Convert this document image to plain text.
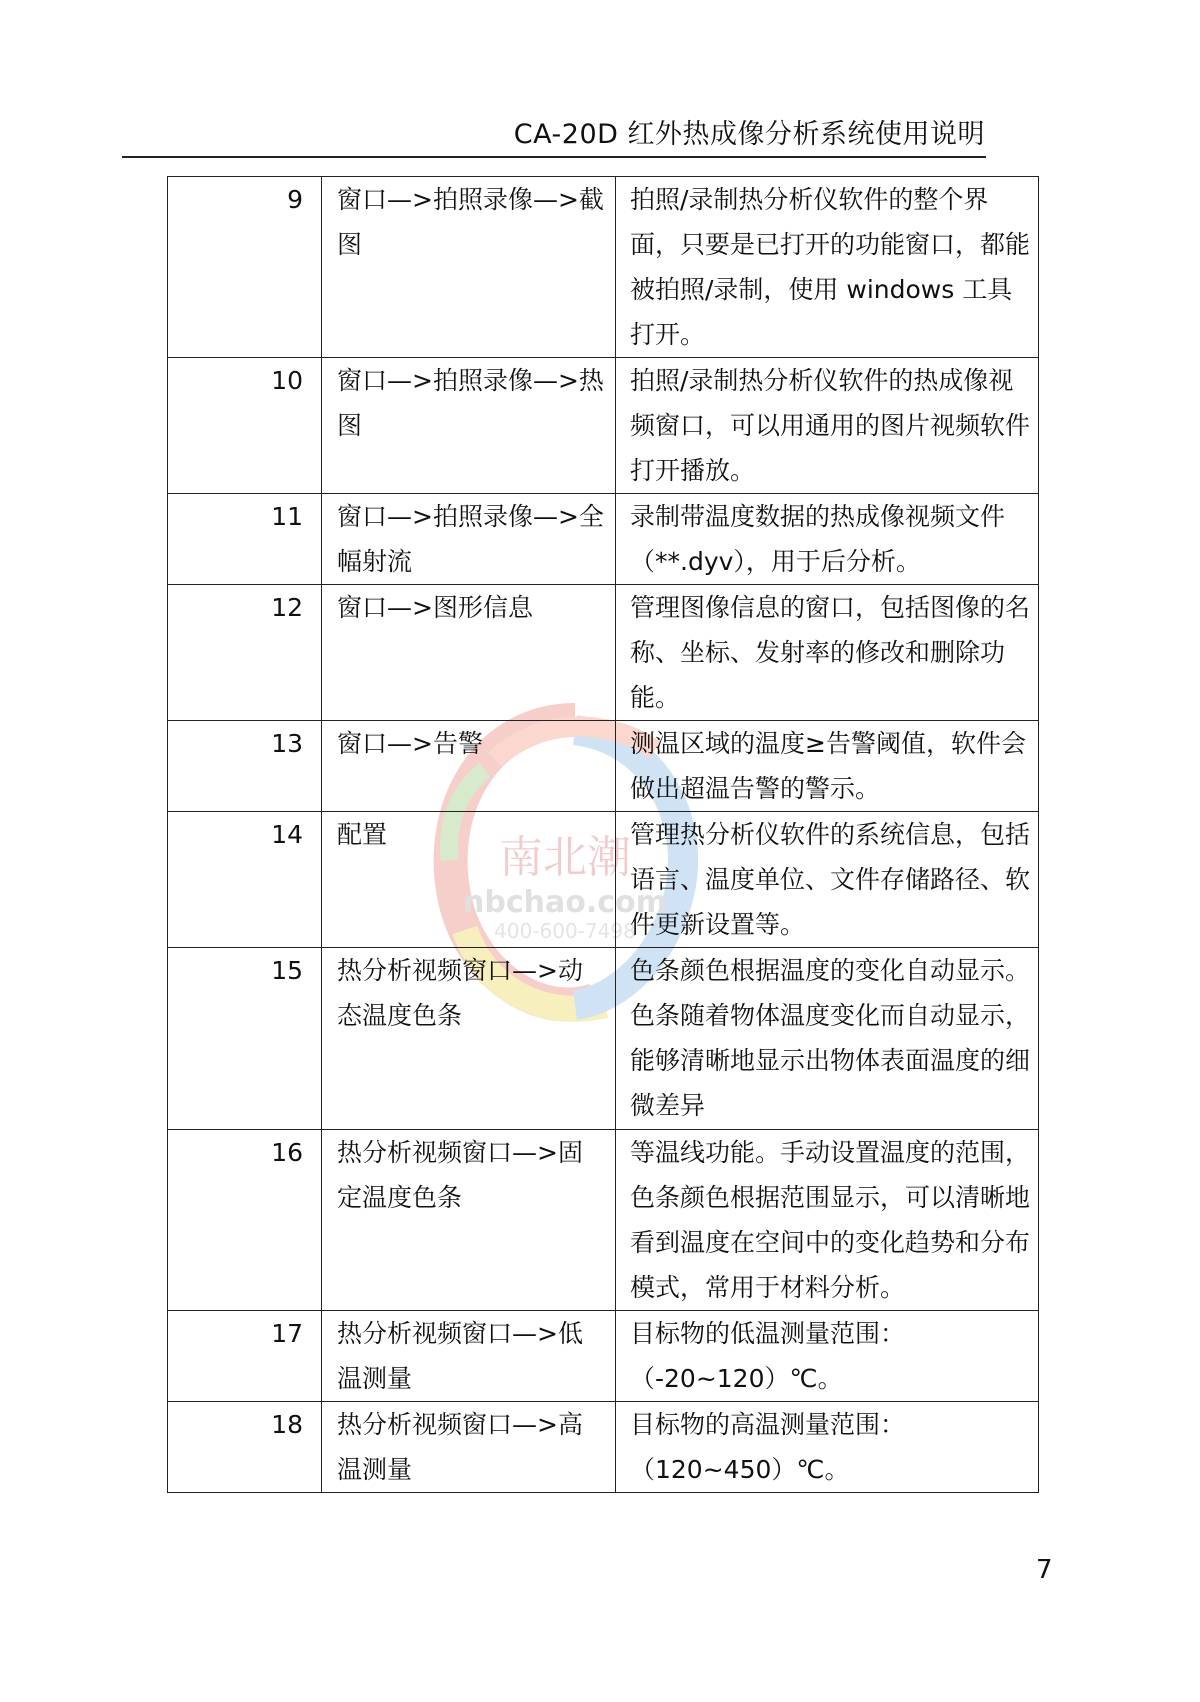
CA-20D 红外热成像分析系统使用说明
南北潮
nbchao.com
400-600-7498
9	窗口—>拍照录像—>截图	拍照/录制热分析仪软件的整个界面，只要是已打开的功能窗口，都能被拍照/录制，使用 windows 工具打开。
10	窗口—>拍照录像—>热图	拍照/录制热分析仪软件的热成像视频窗口，可以用通用的图片视频软件打开播放。
11	窗口—>拍照录像—>全幅射流	录制带温度数据的热成像视频文件（**.dyv），用于后分析。
12	窗口—>图形信息	管理图像信息的窗口，包括图像的名称、坐标、发射率的修改和删除功能。
13	窗口—>告警	测温区域的温度≥告警阈值，软件会做出超温告警的警示。
14	配置	管理热分析仪软件的系统信息，包括语言、温度单位、文件存储路径、软件更新设置等。
15	热分析视频窗口—>动态温度色条	色条颜色根据温度的变化自动显示。色条随着物体温度变化而自动显示，能够清晰地显示出物体表面温度的细微差异
16	热分析视频窗口—>固定温度色条	等温线功能。手动设置温度的范围，色条颜色根据范围显示，可以清晰地看到温度在空间中的变化趋势和分布模式，常用于材料分析。
17	热分析视频窗口—>低温测量	目标物的低温测量范围：（-20~120）℃。
18	热分析视频窗口—>高温测量	目标物的高温测量范围：（120~450）℃。
7
